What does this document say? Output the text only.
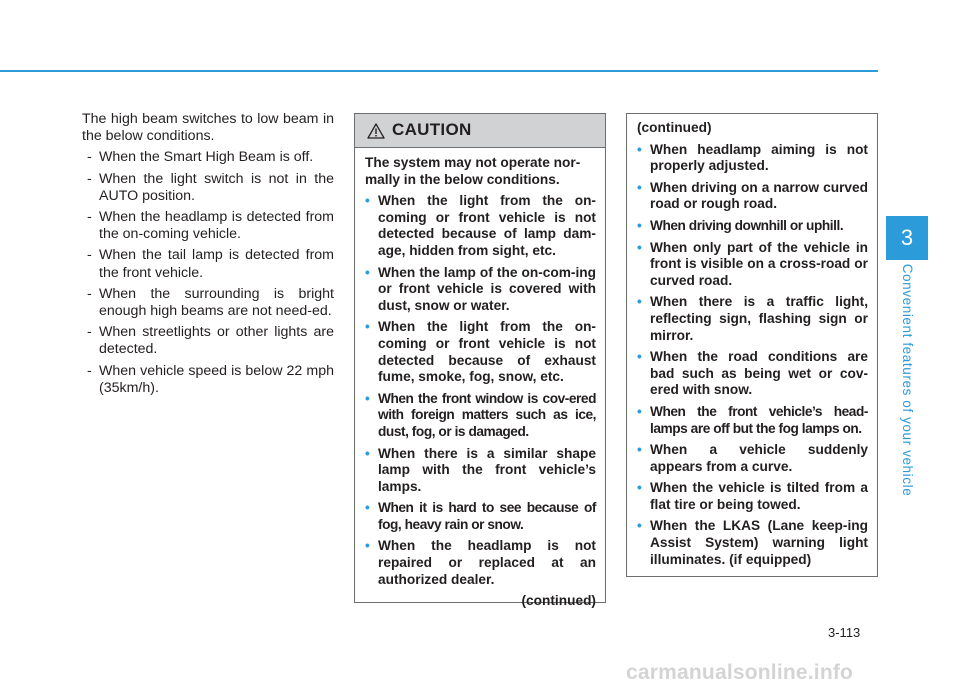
The high beam switches to low beam in the below conditions.

- When the Smart High Beam is off.
- When the light switch is not in the AUTO position.
- When the headlamp is detected from the on-coming vehicle.
- When the tail lamp is detected from the front vehicle.
- When the surrounding is bright enough high beams are not need-ed.
- When streetlights or other lights are detected.
- When vehicle speed is below 22 mph (35km/h).
CAUTION

The system may not operate nor-mally in the below conditions.

• When the light from the on-coming or front vehicle is not detected because of lamp dam-age, hidden from sight, etc.
• When the lamp of the on-com-ing or front vehicle is covered with dust, snow or water.
• When the light from the on-coming or front vehicle is not detected because of exhaust fume, smoke, fog, snow, etc.
• When the front window is cov-ered with foreign matters such as ice, dust, fog, or is damaged.
• When there is a similar shape lamp with the front vehicle’s lamps.
• When it is hard to see because of fog, heavy rain or snow.
• When the headlamp is not repaired or replaced at an authorized dealer.
(continued)

(continued)

• When headlamp aiming is not properly adjusted.
• When driving on a narrow curved road or rough road.
• When driving downhill or uphill.
• When only part of the vehicle in front is visible on a cross-road or curved road.
• When there is a traffic light, reflecting sign, flashing sign or mirror.
• When the road conditions are bad such as being wet or cov-ered with snow.
• When the front vehicle’s head-lamps are off but the fog lamps on.
• When a vehicle suddenly appears from a curve.
• When the vehicle is tilted from a flat tire or being towed.
• When the LKAS (Lane keep-ing Assist System) warning light illuminates. (if equipped)
3
Convenient features of your vehicle
3-113
carmanualsonline.info
